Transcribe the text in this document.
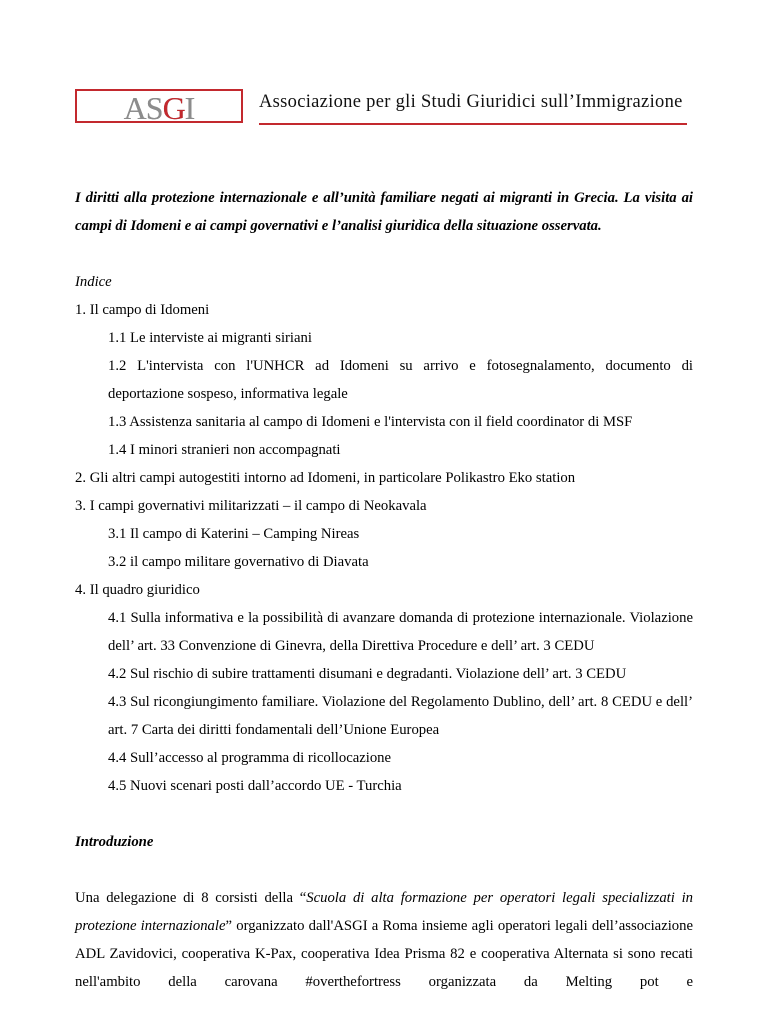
ASGI	Associazione per gli Studi Giuridici sull’Immigrazione

I diritti alla protezione internazionale e all’unità familiare negati ai migranti in Grecia. La visita ai campi di Idomeni e ai campi governativi e l’analisi giuridica della situazione osservata.

Indice
1. Il campo di Idomeni
1.1 Le interviste ai migranti siriani
1.2 L'intervista con l'UNHCR ad Idomeni su arrivo e fotosegnalamento, documento di deportazione sospeso, informativa legale
1.3 Assistenza sanitaria al campo di Idomeni e l'intervista con il field coordinator di MSF
1.4 I minori stranieri non accompagnati
2. Gli altri campi autogestiti intorno ad Idomeni, in particolare Polikastro Eko station
3. I campi governativi militarizzati – il campo di Neokavala
3.1 Il campo di Katerini – Camping Nireas
3.2 il campo militare governativo di Diavata
4. Il quadro giuridico
4.1 Sulla informativa e la possibilità di avanzare domanda di protezione internazionale. Violazione dell’ art. 33 Convenzione di Ginevra, della Direttiva Procedure e dell’ art. 3 CEDU
4.2 Sul rischio di subire trattamenti disumani e degradanti. Violazione dell’ art. 3 CEDU
4.3 Sul ricongiungimento familiare. Violazione del Regolamento Dublino, dell’ art. 8 CEDU e dell’ art. 7 Carta dei diritti fondamentali dell’Unione Europea
4.4 Sull’accesso al programma di ricollocazione
4.5 Nuovi scenari posti dall’accordo UE - Turchia
Introduzione

Una delegazione di 8 corsisti della “Scuola di alta formazione per operatori legali specializzati in protezione internazionale” organizzato dall'ASGI a Roma insieme agli operatori legali dell’associazione ADL Zavidovici, cooperativa K-Pax, cooperativa Idea Prisma 82 e cooperativa Alternata si sono recati nell'ambito della carovana #overthefortress organizzata da Melting pot e
